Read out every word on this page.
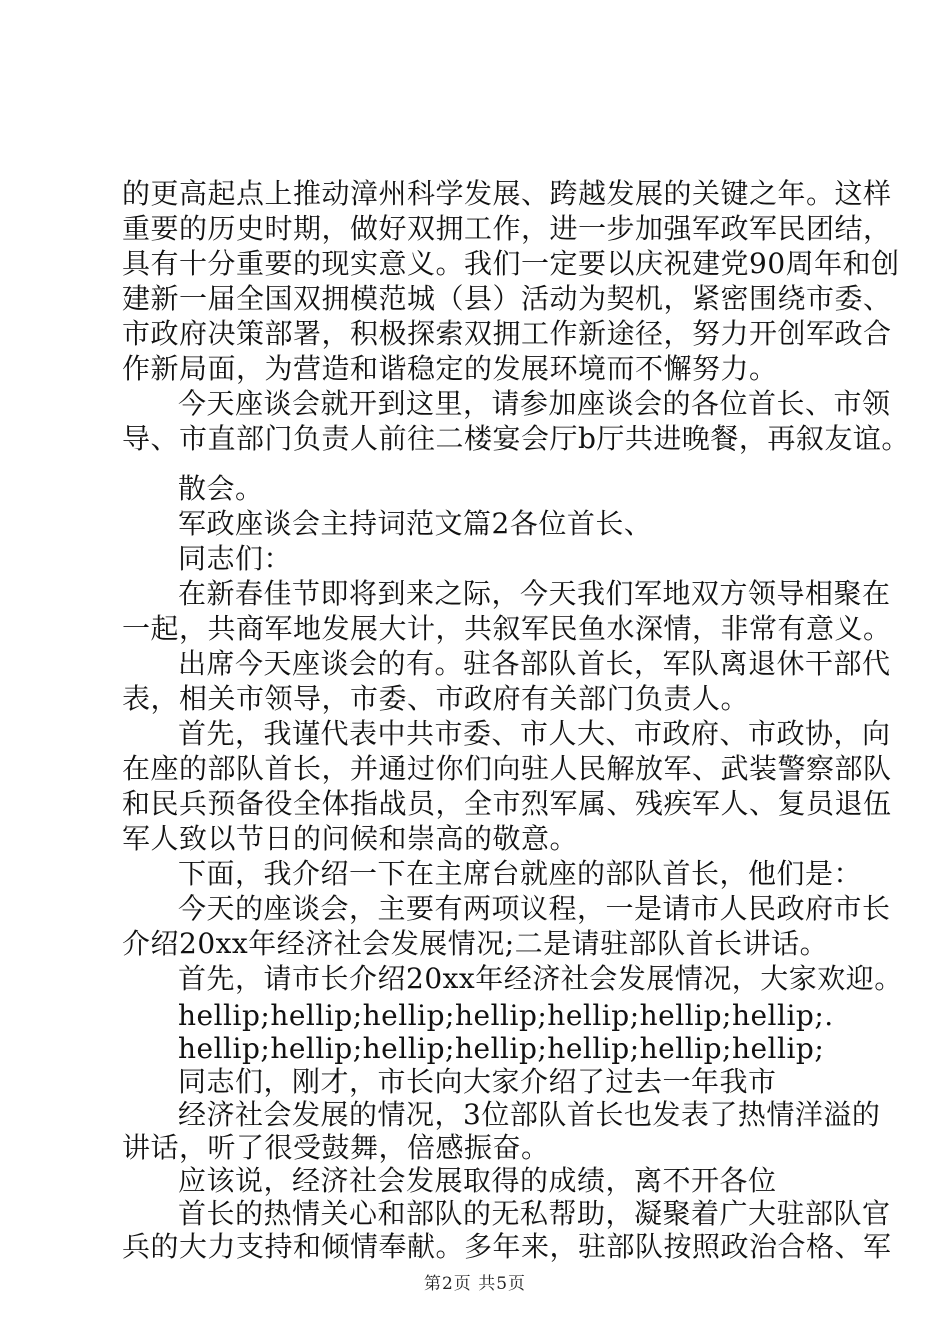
的更高起点上推动漳州科学发展、跨越发展的关键之年。这样
重要的历史时期，做好双拥工作，进一步加强军政军民团结，
具有十分重要的现实意义。我们一定要以庆祝建党90周年和创
建新一届全国双拥模范城（县）活动为契机，紧密围绕市委、
市政府决策部署，积极探索双拥工作新途径，努力开创军政合
作新局面，为营造和谐稳定的发展环境而不懈努力。
今天座谈会就开到这里，请参加座谈会的各位首长、市领
导、市直部门负责人前往二楼宴会厅b厅共进晚餐，再叙友谊。
散会。
军政座谈会主持词范文篇2各位首长、
同志们：
在新春佳节即将到来之际，今天我们军地双方领导相聚在
一起，共商军地发展大计，共叙军民鱼水深情，非常有意义。
出席今天座谈会的有。驻各部队首长，军队离退休干部代
表，相关市领导，市委、市政府有关部门负责人。
首先，我谨代表中共市委、市人大、市政府、市政协，向
在座的部队首长，并通过你们向驻人民解放军、武装警察部队
和民兵预备役全体指战员，全市烈军属、残疾军人、复员退伍
军人致以节日的问候和崇高的敬意。
下面，我介绍一下在主席台就座的部队首长，他们是：
今天的座谈会，主要有两项议程，一是请市人民政府市长
介绍20xx年经济社会发展情况;二是请驻部队首长讲话。
首先，请市长介绍20xx年经济社会发展情况，大家欢迎。
hellip;hellip;hellip;hellip;hellip;hellip;hellip;.
hellip;hellip;hellip;hellip;hellip;hellip;hellip;
同志们，刚才，市长向大家介绍了过去一年我市
经济社会发展的情况，3位部队首长也发表了热情洋溢的
讲话，听了很受鼓舞，倍感振奋。
应该说，经济社会发展取得的成绩，离不开各位
首长的热情关心和部队的无私帮助，凝聚着广大驻部队官
兵的大力支持和倾情奉献。多年来，驻部队按照政治合格、军
第2页 共5页
